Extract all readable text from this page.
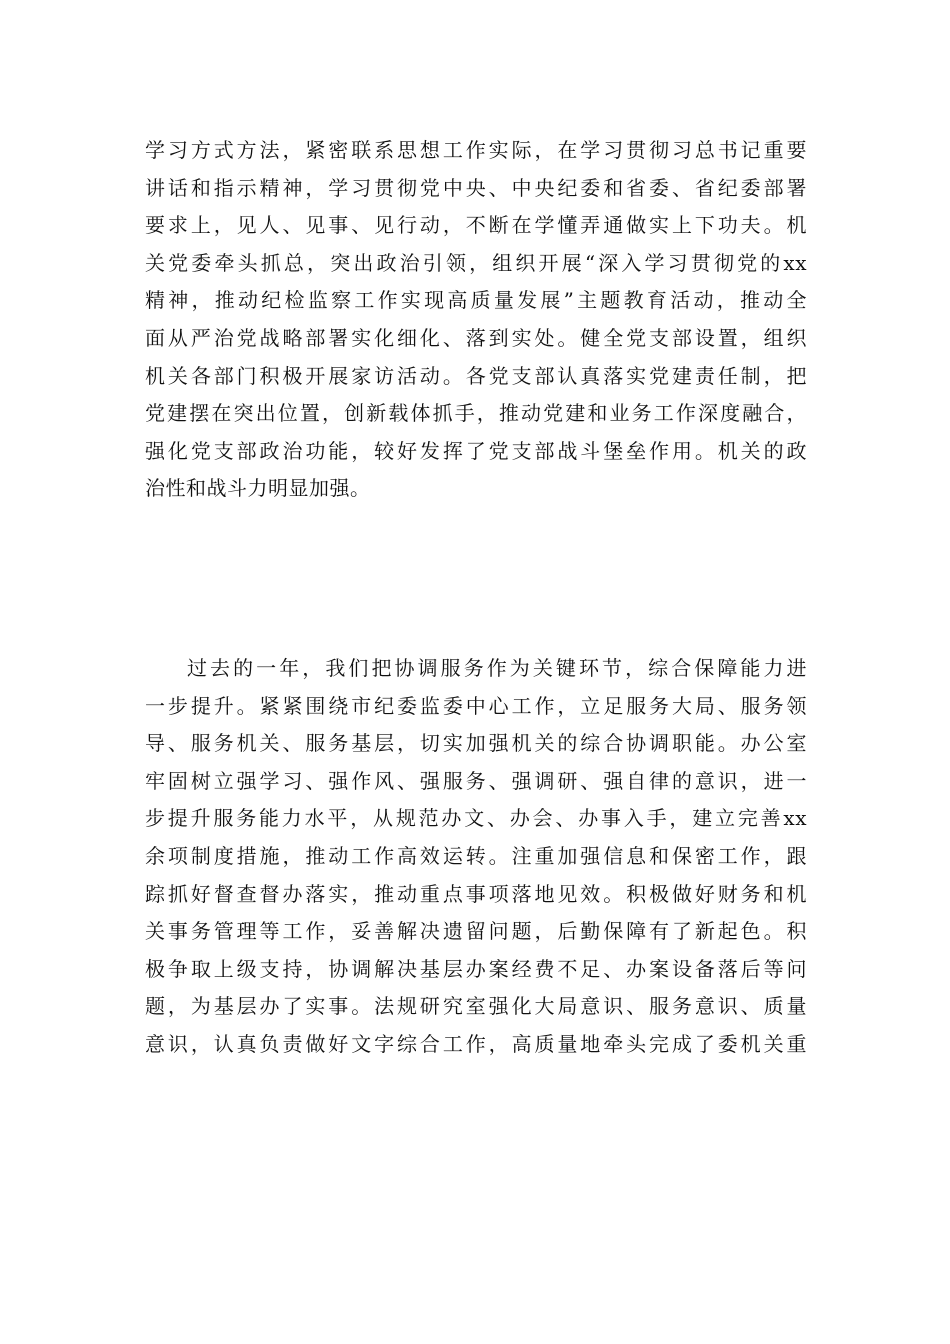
学习方式方法，紧密联系思想工作实际，在学习贯彻习总书记重要
讲话和指示精神，学习贯彻党中央、中央纪委和省委、省纪委部署
要求上，见人、见事、见行动，不断在学懂弄通做实上下功夫。机
关党委牵头抓总，突出政治引领，组织开展“深入学习贯彻党的xx
精神，推动纪检监察工作实现高质量发展”主题教育活动，推动全
面从严治党战略部署实化细化、落到实处。健全党支部设置，组织
机关各部门积极开展家访活动。各党支部认真落实党建责任制，把
党建摆在突出位置，创新载体抓手，推动党建和业务工作深度融合，
强化党支部政治功能，较好发挥了党支部战斗堡垒作用。机关的政
治性和战斗力明显加强。
过去的一年，我们把协调服务作为关键环节，综合保障能力进
一步提升。紧紧围绕市纪委监委中心工作，立足服务大局、服务领
导、服务机关、服务基层，切实加强机关的综合协调职能。办公室
牢固树立强学习、强作风、强服务、强调研、强自律的意识，进一
步提升服务能力水平，从规范办文、办会、办事入手，建立完善xx
余项制度措施，推动工作高效运转。注重加强信息和保密工作，跟
踪抓好督查督办落实，推动重点事项落地见效。积极做好财务和机
关事务管理等工作，妥善解决遗留问题，后勤保障有了新起色。积
极争取上级支持，协调解决基层办案经费不足、办案设备落后等问
题，为基层办了实事。法规研究室强化大局意识、服务意识、质量
意识，认真负责做好文字综合工作，高质量地牵头完成了委机关重
